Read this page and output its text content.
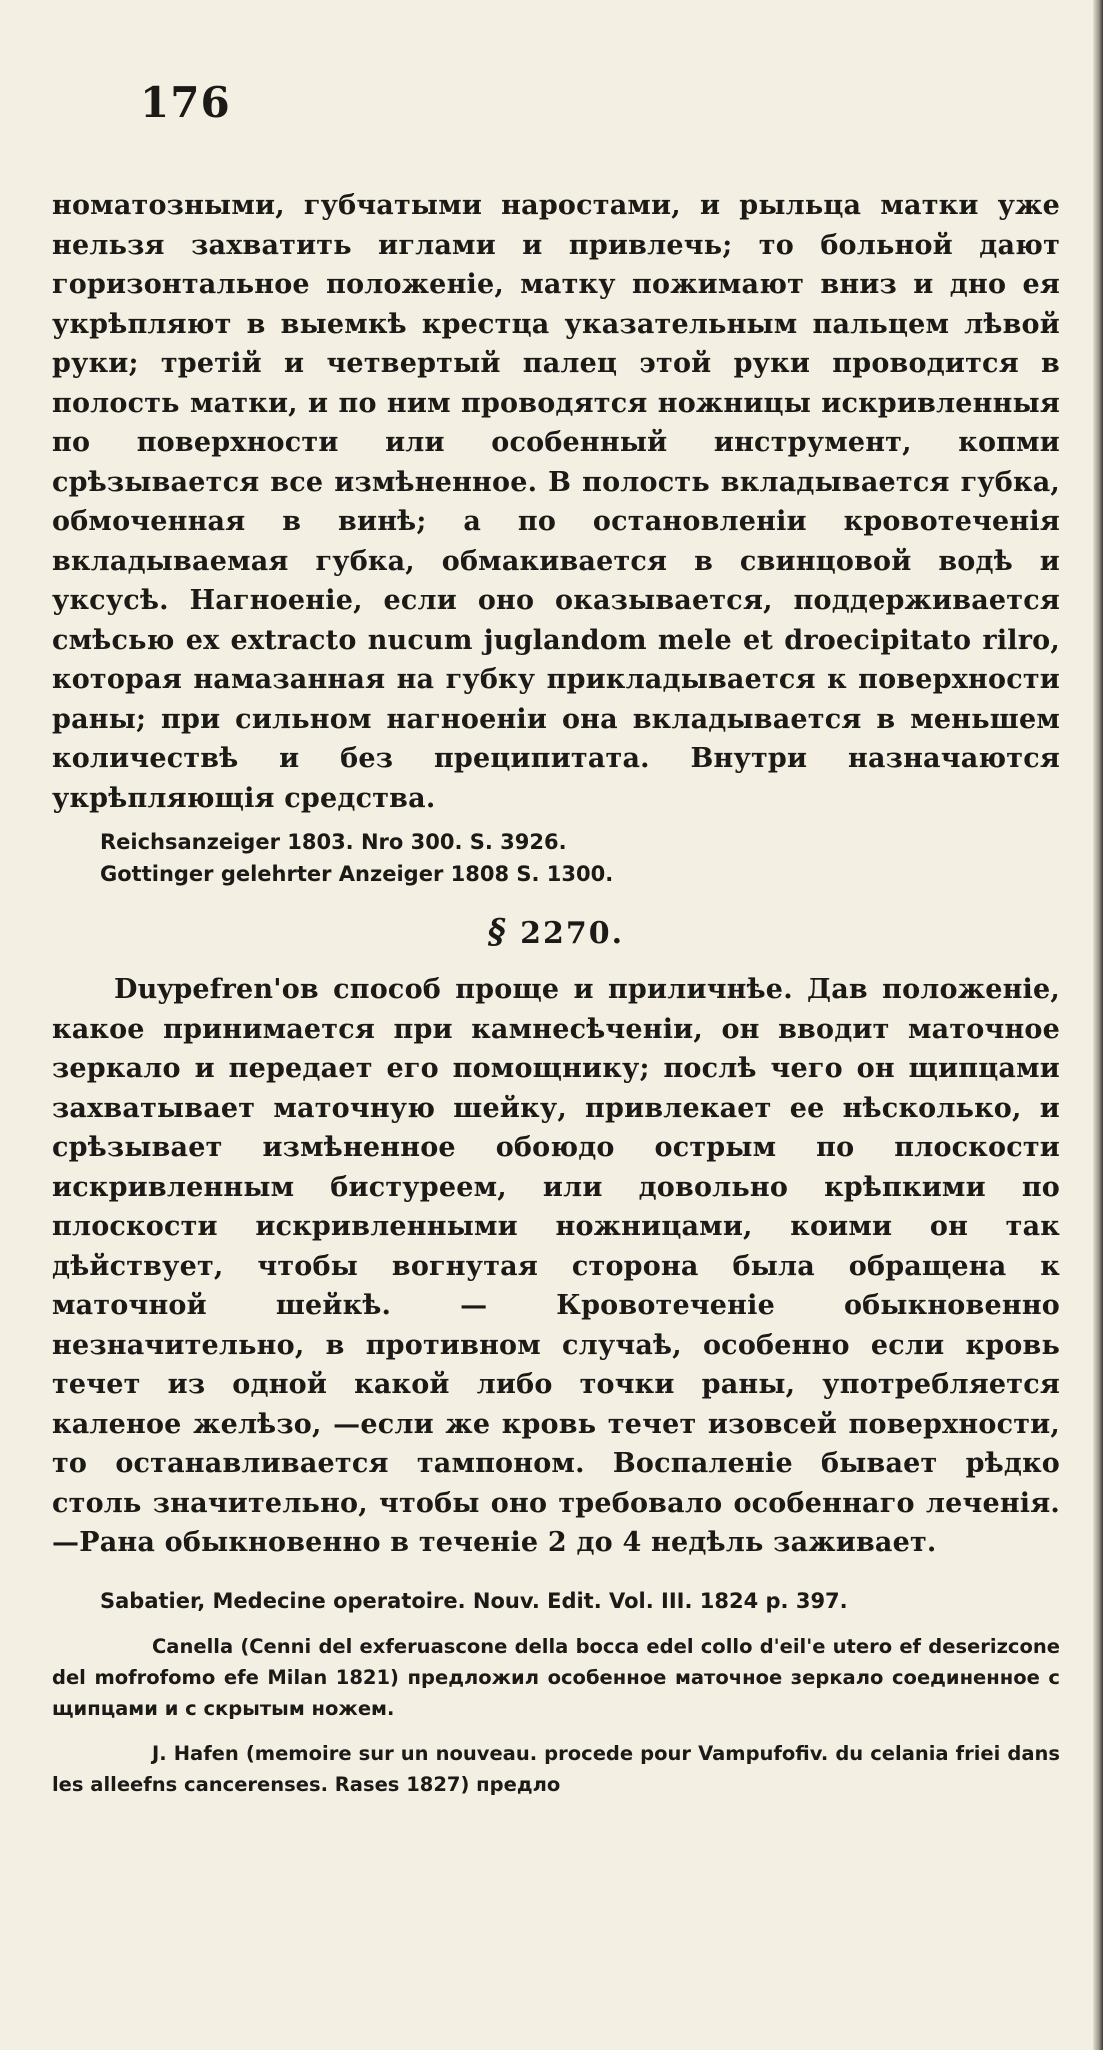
176

номатозными, губчатыми наростами, и рыльца матки уже нельзя захватить иглами и привлечь; то больной дают горизонтальное положеніе, матку пожимают вниз и дно ея укрѣпляют в выемкѣ крестца указательным пальцем лѣвой руки; третій и четвертый палец этой руки проводится в полость матки, и по ним проводятся ножницы искривленныя по поверхности или особенный инструмент, копми срѣзывается все измѣненное. В полость вкладывается губка, обмоченная в винѣ; а по остановленіи кровотеченія вкладываемая губка, обмакивается в свинцовой водѣ и уксусѣ. Нагноеніе, если оно оказывается, поддерживается смѣсью ex extracto nucum juglandom mele et droecipitato rilro, которая намазанная на губку прикладывается к поверхности раны; при сильном нагноеніи она вкладывается в меньшем количествѣ и без преципитата. Внутри назначаются укрѣпляющія средства.

Reichsanzeiger 1803. Nro 300. S. 3926.

Gottinger gelehrter Anzeiger 1808 S. 1300.

§ 2270.

Duypefren'ов способ проще и приличнѣе. Дав положеніе, какое принимается при камнесѣченіи, он вводит маточное зеркало и передает его помощнику; послѣ чего он щипцами захватывает маточную шейку, привлекает ее нѣсколько, и срѣзывает измѣненное обоюдо острым по плоскости искривленным бистуреем, или довольно крѣпкими по плоскости искривленными ножницами, коими он так дѣйствует, чтобы вогнутая сторона была обращена к маточной шейкѣ. — Кровотеченіе обыкновенно незначительно, в противном случаѣ, особенно если кровь течет из одной какой либо точки раны, употребляется каленое желѣзо, —если же кровь течет изовсей поверхности, то останавливается тампоном. Воспаленіе бывает рѣдко столь значительно, чтобы оно требовало особеннаго леченія. —Рана обыкновенно в теченіе 2 до 4 недѣль заживает.

Sabatier, Medecine operatoire. Nouv. Edit. Vol. III. 1824 p. 397.

Canella (Cenni del exferuascone della bocca edel collo d'eil'e utero ef deserizcone del mofrofomo efe Milan 1821) предложил особенное маточное зеркало соединенное с щипцами и с скрытым ножем.

J. Hafen (memoire sur un nouveau. procede pour Vampufofiv. du celania friei dans les alleefns cancerenses. Rases 1827) предло
